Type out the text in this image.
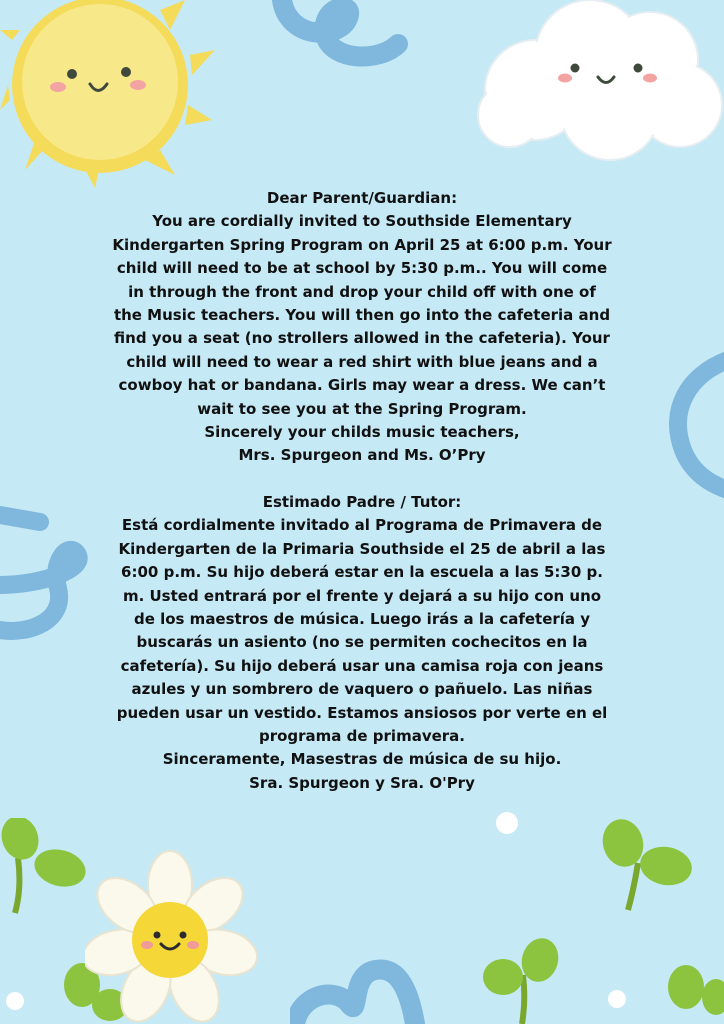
Dear Parent/Guardian:

You are cordially invited to Southside Elementary Kindergarten Spring Program on April 25 at 6:00 p.m. Your child will need to be at school by 5:30 p.m.. You will come in through the front and drop your child off with one of the Music teachers. You will then go into the cafeteria and find you a seat (no strollers allowed in the cafeteria). Your child will need to wear a red shirt with blue jeans and a cowboy hat or bandana. Girls may wear a dress. We can’t wait to see you at the Spring Program.

Sincerely your childs music teachers,

Mrs. Spurgeon and Ms. O’Pry

Estimado Padre / Tutor:

Está cordialmente invitado al Programa de Primavera de Kindergarten de la Primaria Southside el 25 de abril a las 6:00 p.m. Su hijo deberá estar en la escuela a las 5:30 p. m. Usted entrará por el frente y dejará a su hijo con uno de los maestros de música. Luego irás a la cafetería y buscarás un asiento (no se permiten cochecitos en la cafetería). Su hijo deberá usar una camisa roja con jeans azules y un sombrero de vaquero o pañuelo. Las niñas pueden usar un vestido. Estamos ansiosos por verte en el programa de primavera.

Sinceramente, Masestras de música de su hijo.

Sra. Spurgeon y Sra. O'Pry
